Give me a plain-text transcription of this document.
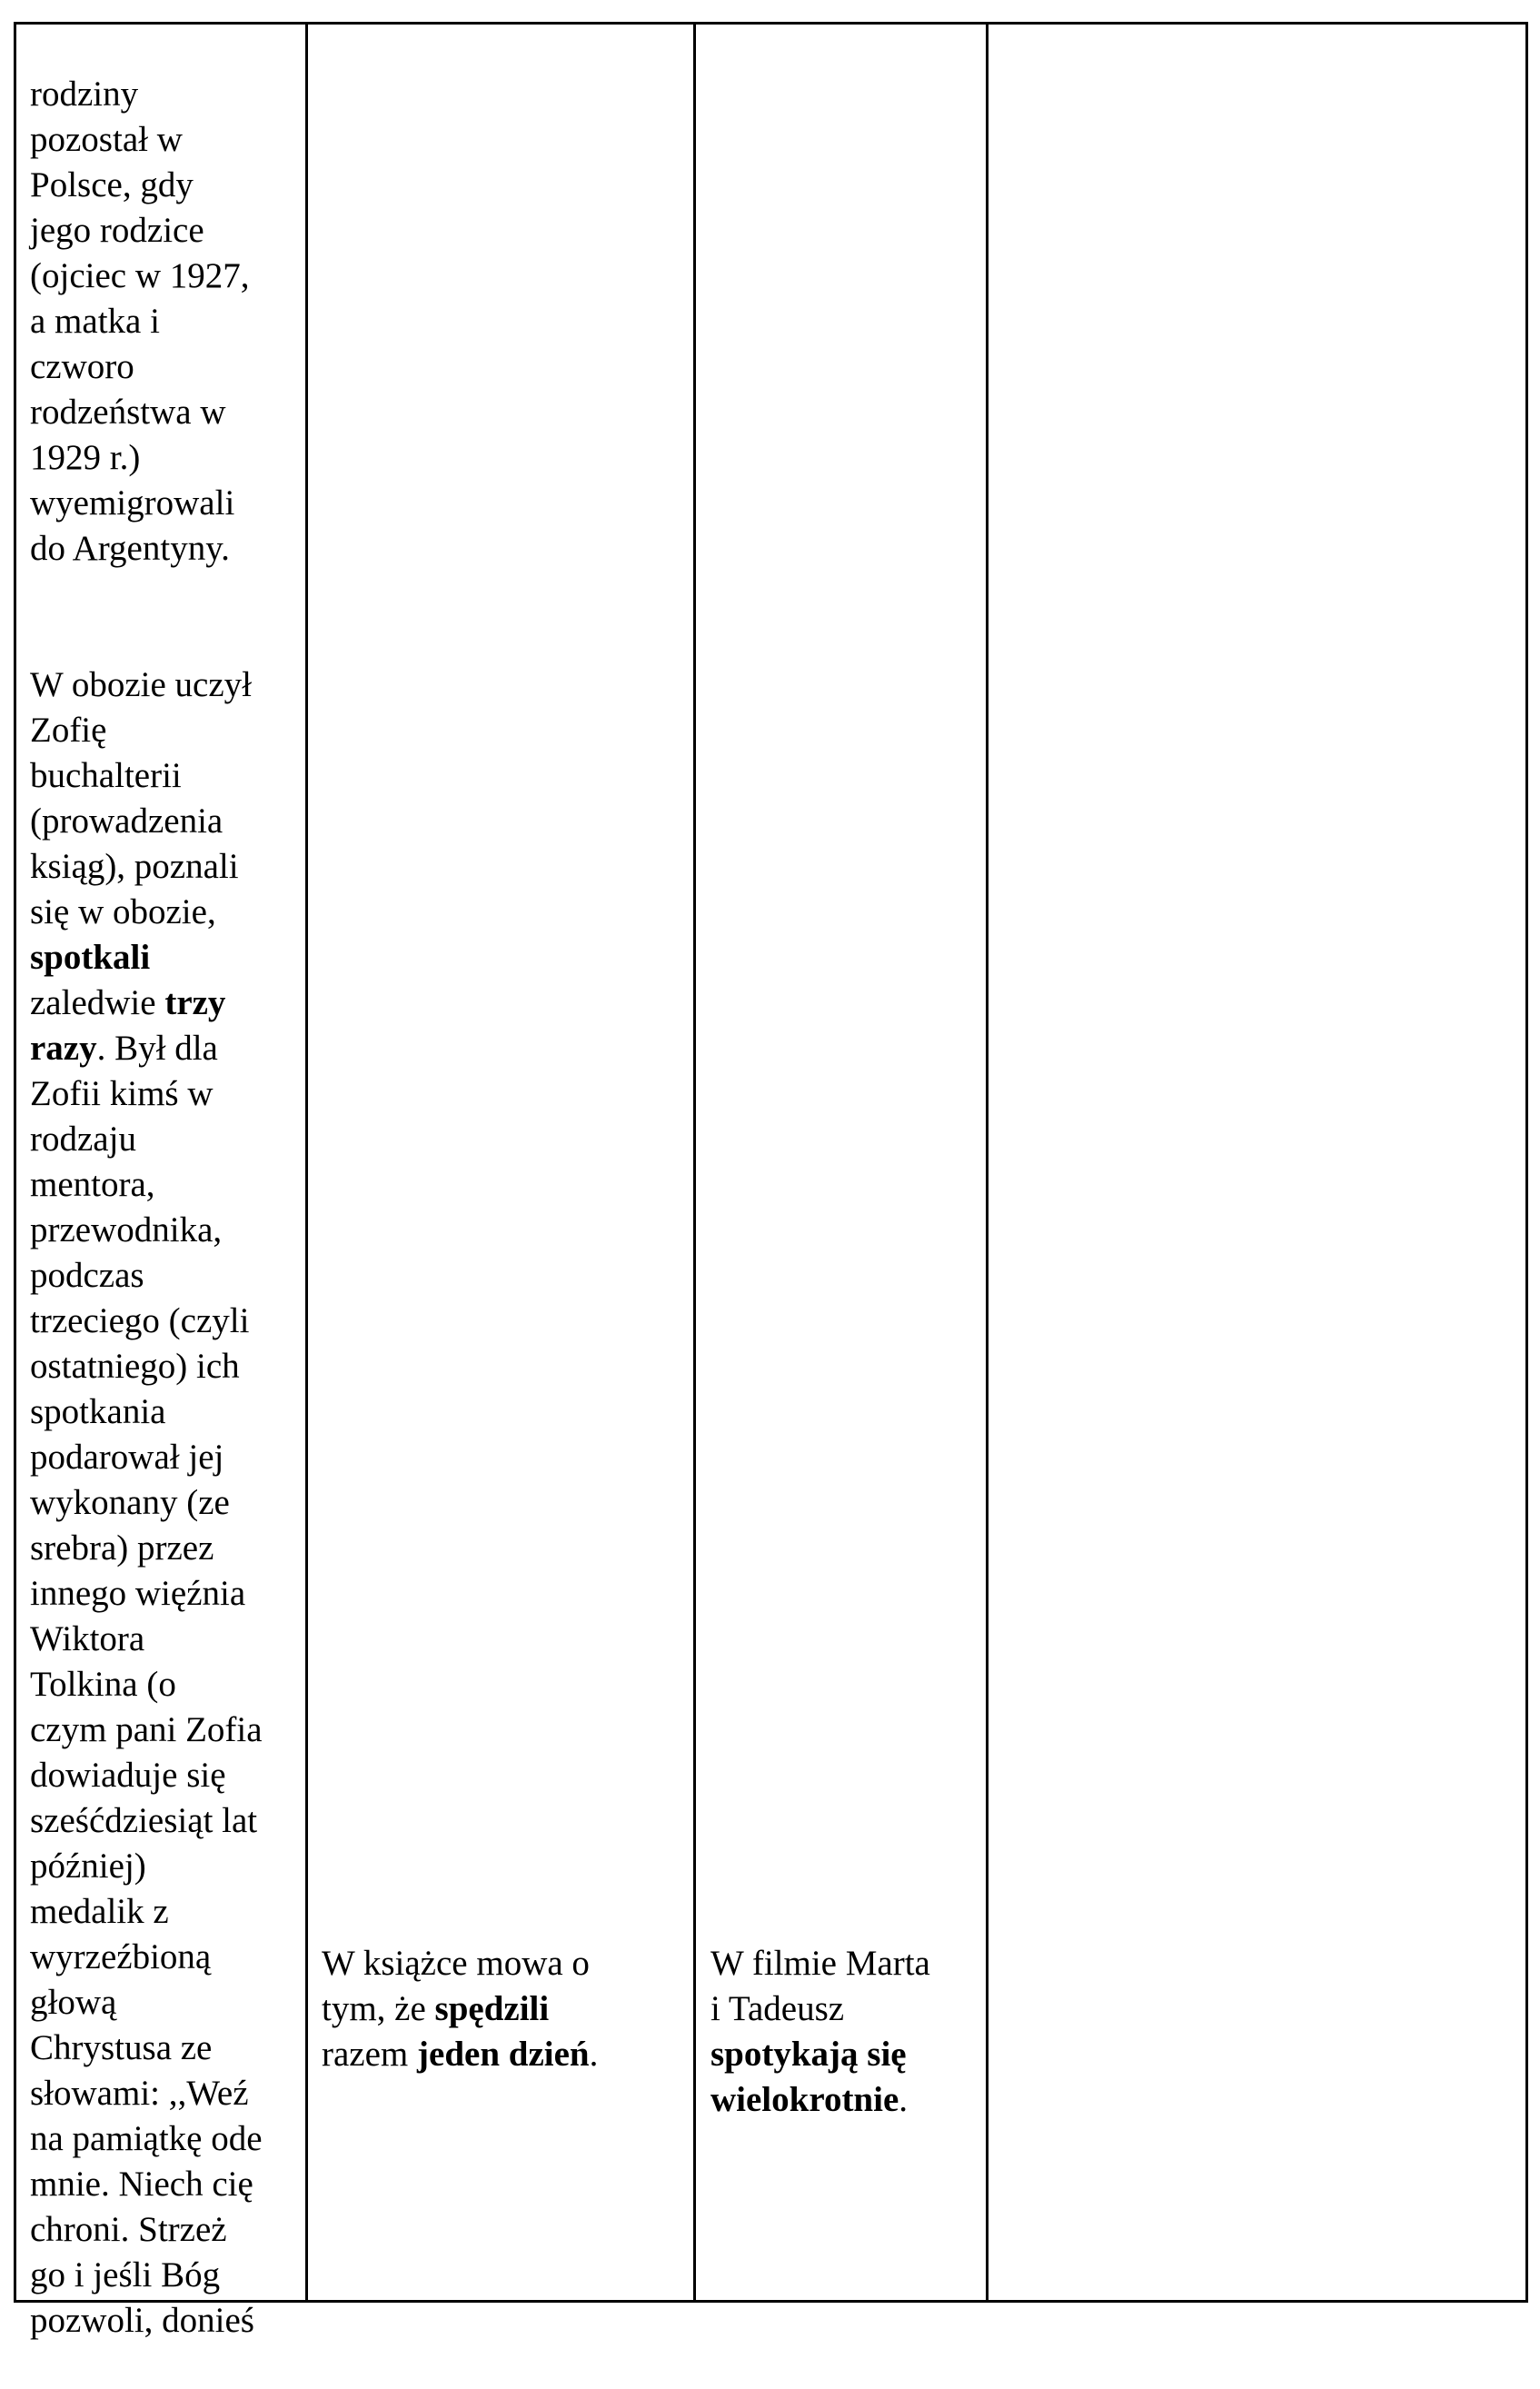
rodziny
pozostał w
Polsce, gdy
jego rodzice
(ojciec w 1927,
a matka i
czworo
rodzeństwa w
1929 r.)
wyemigrowali
do Argentyny.

W obozie uczył
Zofię
buchalterii
(prowadzenia
ksiąg), poznali
się w obozie,
spotkali
zaledwie trzy
razy. Był dla
Zofii kimś w
rodzaju
mentora,
przewodnika,
podczas
trzeciego (czyli
ostatniego) ich
spotkania
podarował jej
wykonany (ze
srebra) przez
innego więźnia
Wiktora
Tolkina (o
czym pani Zofia
dowiaduje się
sześćdziesiąt lat
później)
medalik z
wyrzeźbioną
głową
Chrystusa ze
słowami: ,,Weź
na pamiątkę ode
mnie. Niech cię
chroni. Strzeż
go i jeśli Bóg
pozwoli, donieś

W książce mowa o
tym, że spędzili
razem jeden dzień.

W filmie Marta
i Tadeusz
spotykają się
wielokrotnie.
